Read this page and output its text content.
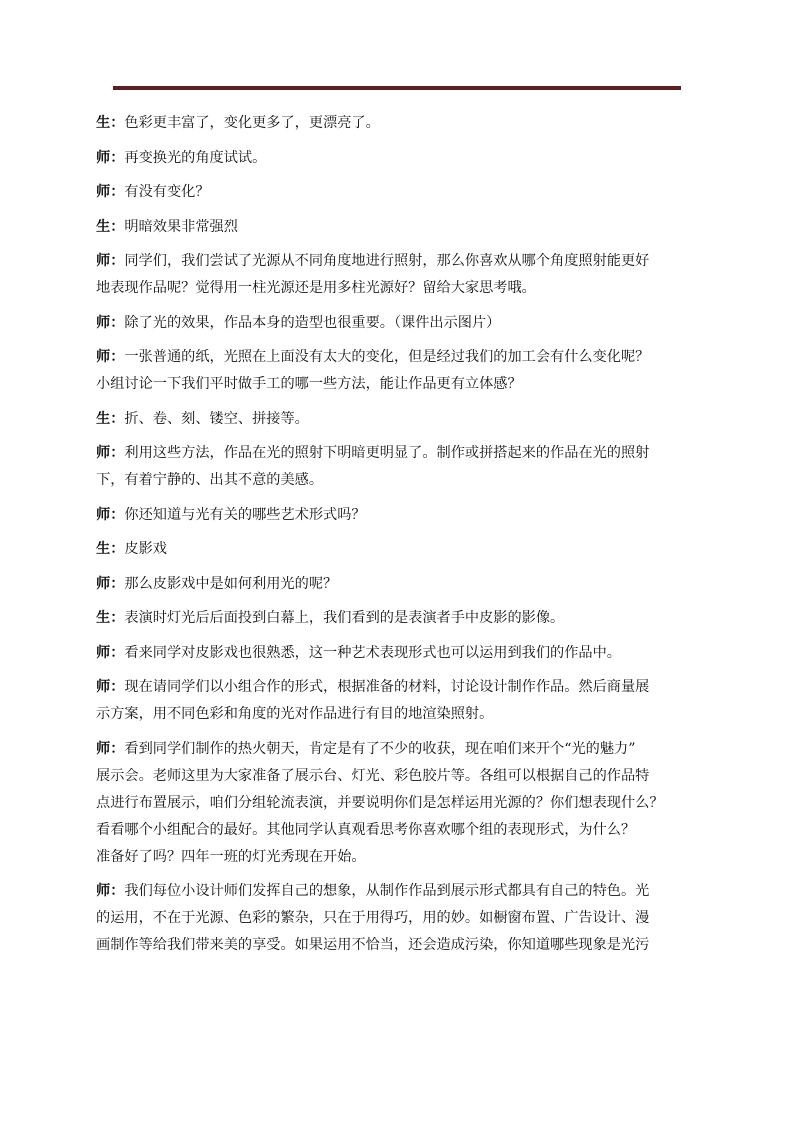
生：色彩更丰富了，变化更多了，更漂亮了。

师：再变换光的角度试试。

师：有没有变化？

生：明暗效果非常强烈

师：同学们，我们尝试了光源从不同角度地进行照射，那么你喜欢从哪个角度照射能更好
地表现作品呢？觉得用一柱光源还是用多柱光源好？留给大家思考哦。

师：除了光的效果，作品本身的造型也很重要。（课件出示图片）

师：一张普通的纸，光照在上面没有太大的变化，但是经过我们的加工会有什么变化呢？
小组讨论一下我们平时做手工的哪一些方法，能让作品更有立体感？

生：折、卷、刻、镂空、拼接等。

师：利用这些方法，作品在光的照射下明暗更明显了。制作或拼搭起来的作品在光的照射
下，有着宁静的、出其不意的美感。

师：你还知道与光有关的哪些艺术形式吗？

生：皮影戏

师：那么皮影戏中是如何利用光的呢？

生：表演时灯光后后面投到白幕上，我们看到的是表演者手中皮影的影像。

师：看来同学对皮影戏也很熟悉，这一种艺术表现形式也可以运用到我们的作品中。

师：现在请同学们以小组合作的形式，根据准备的材料，讨论设计制作作品。然后商量展
示方案，用不同色彩和角度的光对作品进行有目的地渲染照射。

师：看到同学们制作的热火朝天，肯定是有了不少的收获，现在咱们来开个“光的魅力”
展示会。老师这里为大家准备了展示台、灯光、彩色胶片等。各组可以根据自己的作品特
点进行布置展示，咱们分组轮流表演，并要说明你们是怎样运用光源的？你们想表现什么？
看看哪个小组配合的最好。其他同学认真观看思考你喜欢哪个组的表现形式，为什么？
准备好了吗？四年一班的灯光秀现在开始。

师：我们每位小设计师们发挥自己的想象，从制作作品到展示形式都具有自己的特色。光
的运用，不在于光源、色彩的繁杂，只在于用得巧，用的妙。如橱窗布置、广告设计、漫
画制作等给我们带来美的享受。如果运用不恰当，还会造成污染，你知道哪些现象是光污
